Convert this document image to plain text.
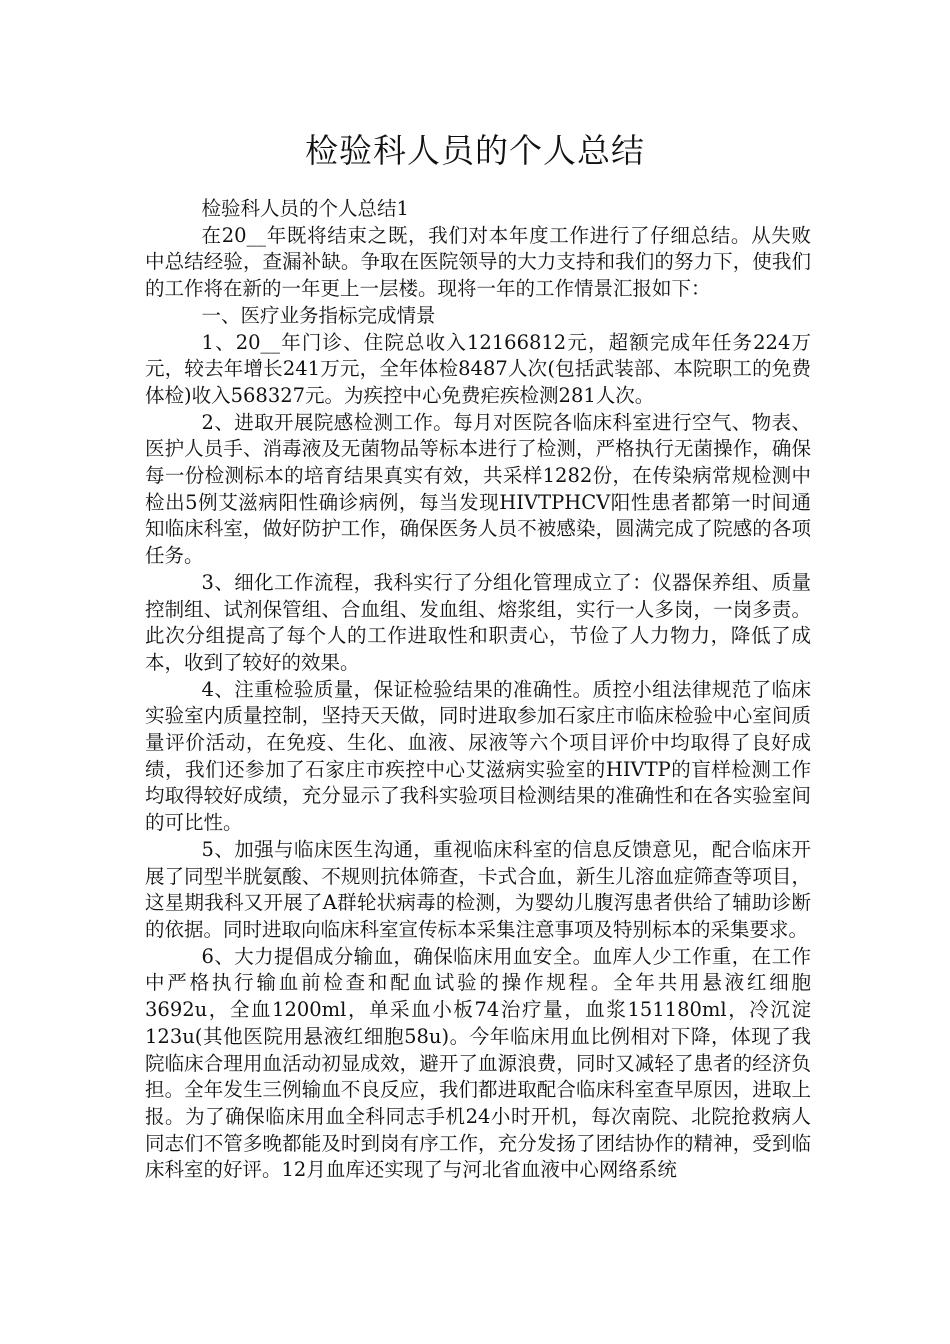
检验科人员的个人总结

检验科人员的个人总结1

在20__年既将结束之既，我们对本年度工作进行了仔细总结。从失败中总结经验，查漏补缺。争取在医院领导的大力支持和我们的努力下，使我们的工作将在新的一年更上一层楼。现将一年的工作情景汇报如下：

一、医疗业务指标完成情景

1、20__年门诊、住院总收入12166812元，超额完成年任务224万元，较去年增长241万元，全年体检8487人次(包括武装部、本院职工的免费体检)收入568327元。为疾控中心免费疟疾检测281人次。

2、进取开展院感检测工作。每月对医院各临床科室进行空气、物表、医护人员手、消毒液及无菌物品等标本进行了检测，严格执行无菌操作，确保每一份检测标本的培育结果真实有效，共采样1282份，在传染病常规检测中检出5例艾滋病阳性确诊病例，每当发现HIVTPHCV阳性患者都第一时间通知临床科室，做好防护工作，确保医务人员不被感染，圆满完成了院感的各项任务。

3、细化工作流程，我科实行了分组化管理成立了：仪器保养组、质量控制组、试剂保管组、合血组、发血组、熔浆组，实行一人多岗，一岗多责。此次分组提高了每个人的工作进取性和职责心，节俭了人力物力，降低了成本，收到了较好的效果。

4、注重检验质量，保证检验结果的准确性。质控小组法律规范了临床实验室内质量控制，坚持天天做，同时进取参加石家庄市临床检验中心室间质量评价活动，在免疫、生化、血液、尿液等六个项目评价中均取得了良好成绩，我们还参加了石家庄市疾控中心艾滋病实验室的HIVTP的盲样检测工作均取得较好成绩，充分显示了我科实验项目检测结果的准确性和在各实验室间的可比性。

5、加强与临床医生沟通，重视临床科室的信息反馈意见，配合临床开展了同型半胱氨酸、不规则抗体筛查，卡式合血，新生儿溶血症筛查等项目，这星期我科又开展了A群轮状病毒的检测，为婴幼儿腹泻患者供给了辅助诊断的依据。同时进取向临床科室宣传标本采集注意事项及特别标本的采集要求。

6、大力提倡成分输血，确保临床用血安全。血库人少工作重，在工作中严格执行输血前检查和配血试验的操作规程。全年共用悬液红细胞3692u，全血1200ml，单采血小板74治疗量，血浆151180ml，冷沉淀123u(其他医院用悬液红细胞58u)。今年临床用血比例相对下降，体现了我院临床合理用血活动初显成效，避开了血源浪费，同时又减轻了患者的经济负担。全年发生三例输血不良反应，我们都进取配合临床科室查早原因，进取上报。为了确保临床用血全科同志手机24小时开机，每次南院、北院抢救病人同志们不管多晚都能及时到岗有序工作，充分发扬了团结协作的精神，受到临床科室的好评。12月血库还实现了与河北省血液中心网络系统
